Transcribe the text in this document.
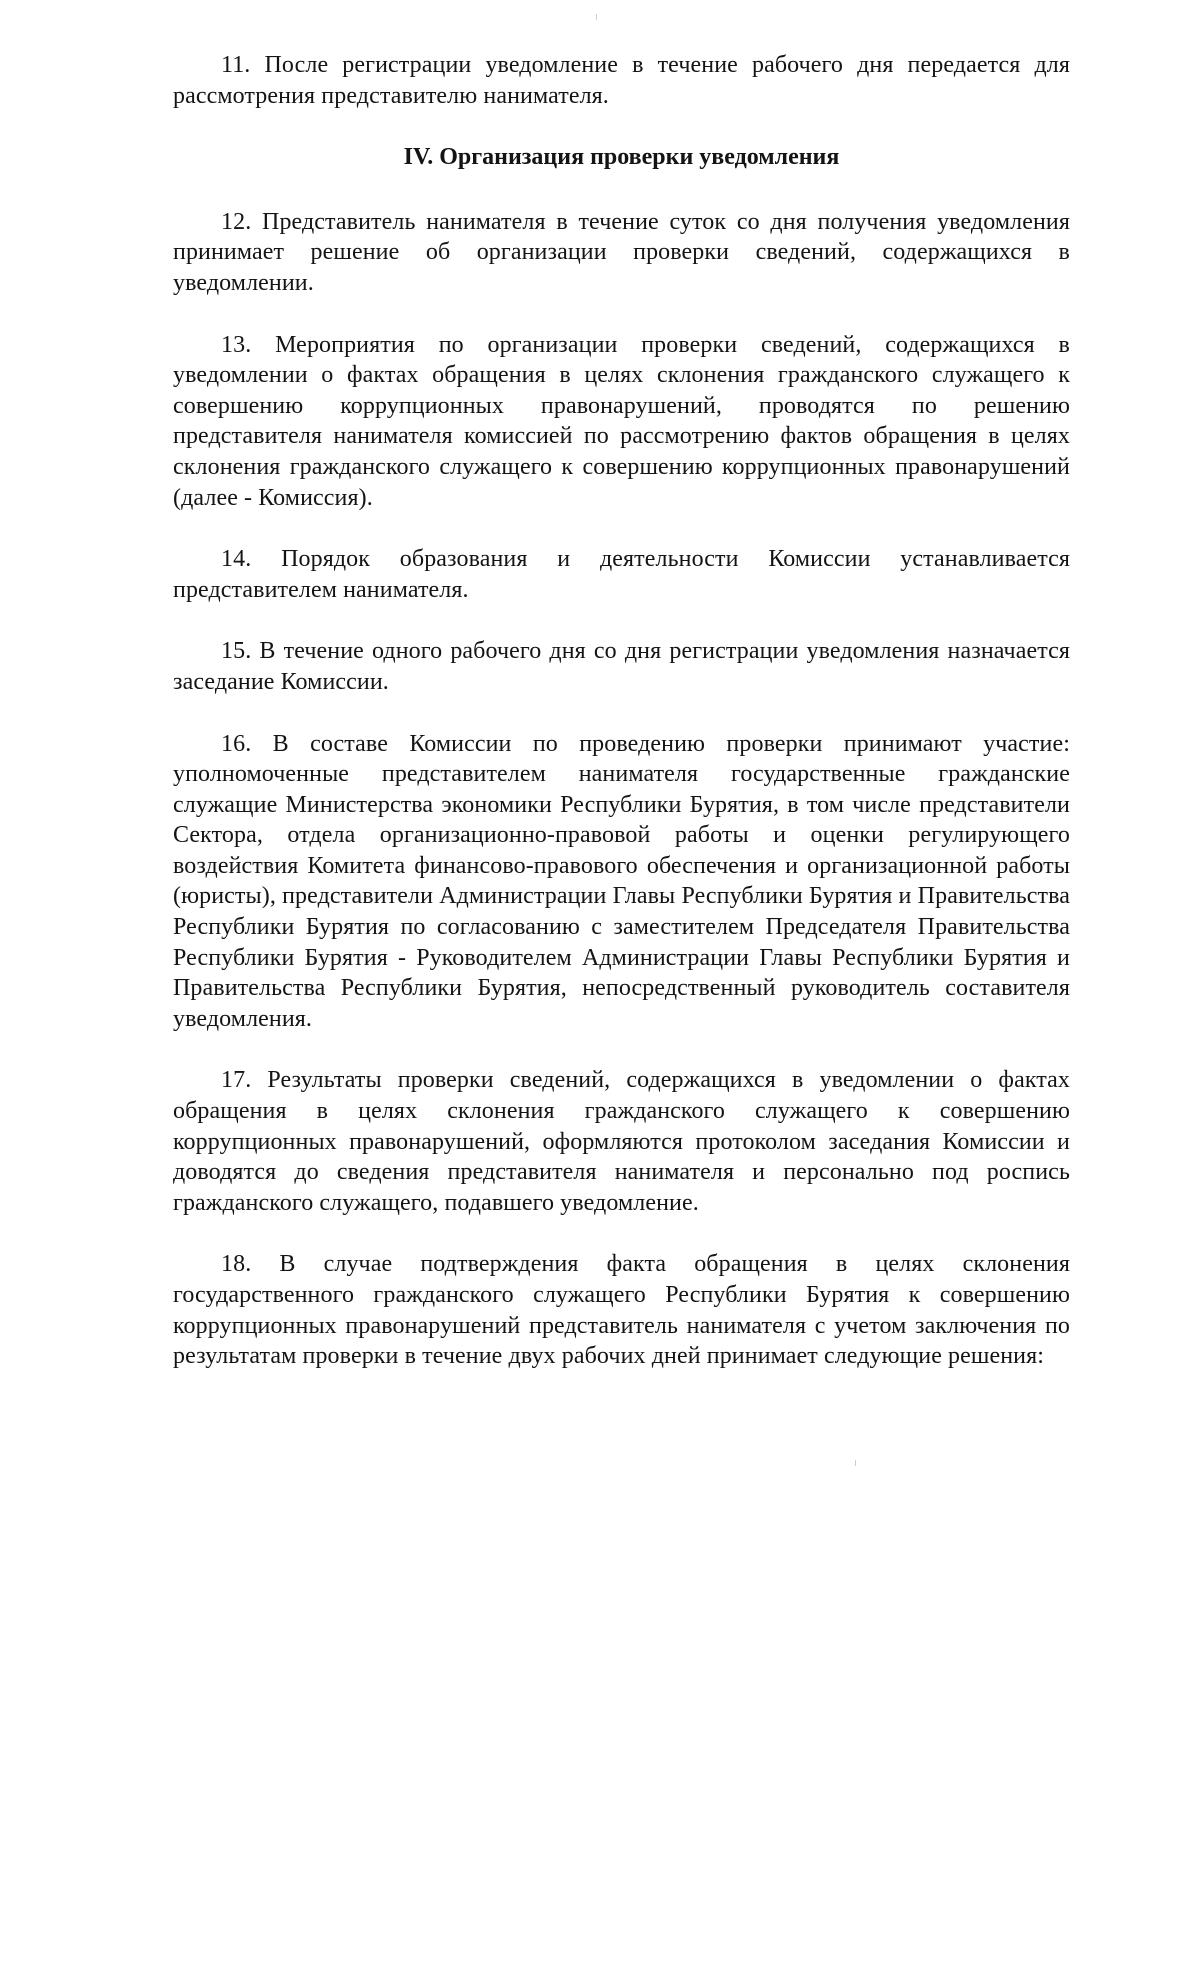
11. После регистрации уведомление в течение рабочего дня передается для рассмотрения представителю нанимателя.

IV. Организация проверки уведомления

12. Представитель нанимателя в течение суток со дня получения уведомления принимает решение об организации проверки сведений, содержащихся в уведомлении.

13. Мероприятия по организации проверки сведений, содержащихся в уведомлении о фактах обращения в целях склонения гражданского служащего к совершению коррупционных правонарушений, проводятся по решению представителя нанимателя комиссией по рассмотрению фактов обращения в целях склонения гражданского служащего к совершению коррупционных правонарушений (далее - Комиссия).

14. Порядок образования и деятельности Комиссии устанавливается представителем нанимателя.

15. В течение одного рабочего дня со дня регистрации уведомления назначается заседание Комиссии.

16. В составе Комиссии по проведению проверки принимают участие: уполномоченные представителем нанимателя государственные гражданские служащие Министерства экономики Республики Бурятия, в том числе представители Сектора, отдела организационно-правовой работы и оценки регулирующего воздействия Комитета финансово-правового обеспечения и организационной работы (юристы), представители Администрации Главы Республики Бурятия и Правительства Республики Бурятия по согласованию с заместителем Председателя Правительства Республики Бурятия - Руководителем Администрации Главы Республики Бурятия и Правительства Республики Бурятия, непосредственный руководитель составителя уведомления.

17. Результаты проверки сведений, содержащихся в уведомлении о фактах обращения в целях склонения гражданского служащего к совершению коррупционных правонарушений, оформляются протоколом заседания Комиссии и доводятся до сведения представителя нанимателя и персонально под роспись гражданского служащего, подавшего уведомление.

18. В случае подтверждения факта обращения в целях склонения государственного гражданского служащего Республики Бурятия к совершению коррупционных правонарушений представитель нанимателя с учетом заключения по результатам проверки в течение двух рабочих дней принимает следующие решения:
